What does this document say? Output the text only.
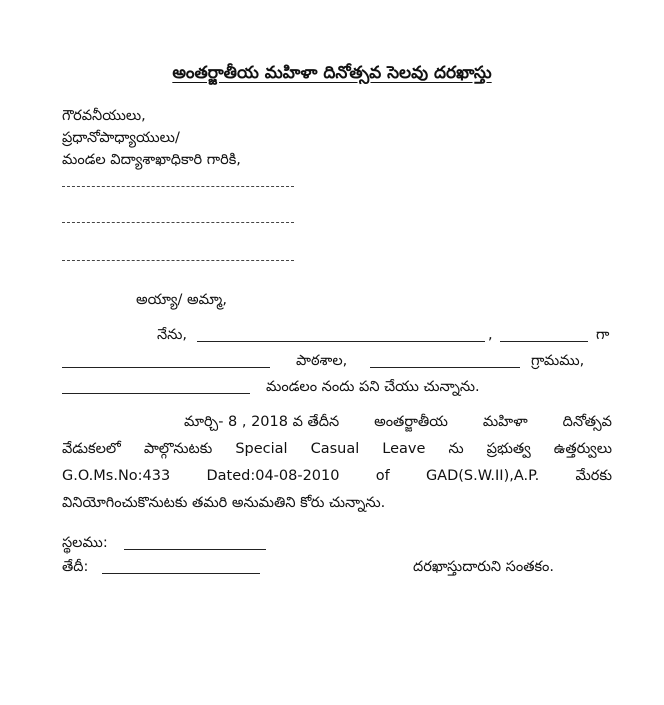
అంతర్జాతీయ మహిళా దినోత్సవ సెలవు దరఖాస్తు
గౌరవనీయులు,
ప్రధానోపాధ్యాయులు/
మండల విద్యాశాఖాధికారి గారికి,
అయ్యా/ అమ్మా,
నేను,	,	గా
పాఠశాల,	గ్రామము,
మండలం నందు పని చేయు చున్నాను.
మార్చి- 8 , 2018 వ తేదీన అంతర్జాతీయ మహిళా దినోత్సవ
వేడుకలలో పాల్గొనుటకు Special Casual Leave ను ప్రభుత్వ ఉత్తర్వులు
G.O.Ms.No:433 Dated:04-08-2010 of GAD(S.W.II),A.P. మేరకు
వినియోగించుకొనుటకు తమరి అనుమతిని కోరు చున్నాను.
స్థలము:
తేదీ:	దరఖాస్తుదారుని సంతకం.
